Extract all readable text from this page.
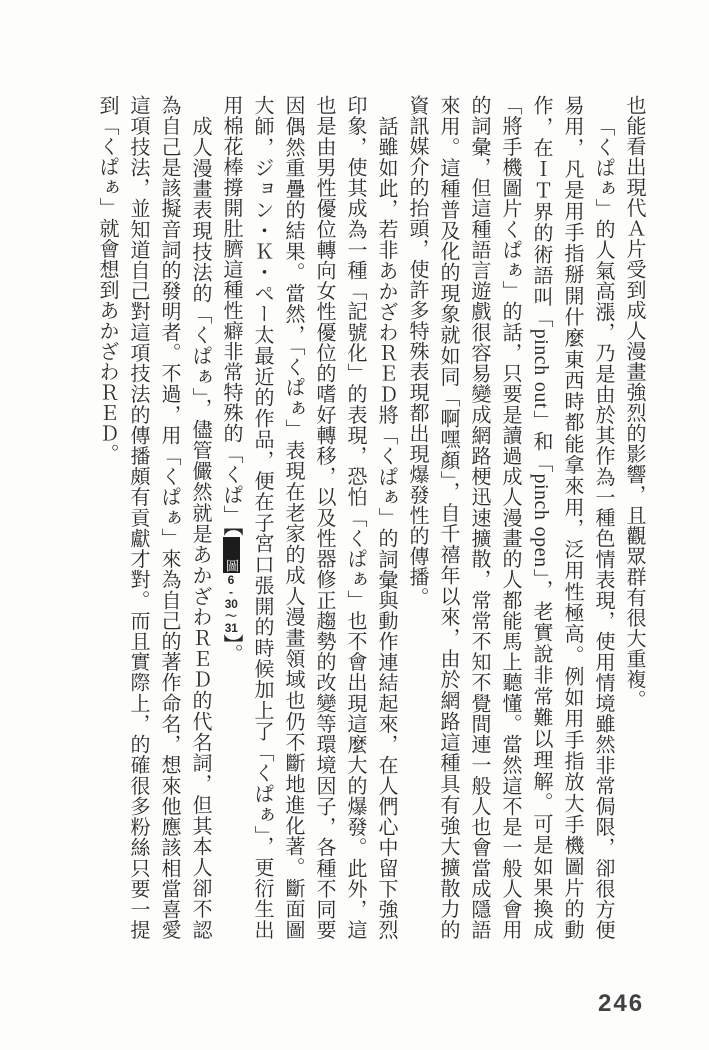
也能看出現代Ａ片受到成人漫畫強烈的影響，且觀眾群有很大重複。

「くぱぁ」的人氣高漲，乃是由於其作為一種色情表現，使用情境雖然非常侷限，卻很方便易用，凡是用手指掰開什麼東西時都能拿來用，泛用性極高。例如用手指放大手機圖片的動作，在ＩＴ界的術語叫「pinch out」和「pinch open」，老實說非常難以理解。可是如果換成「將手機圖片くぱぁ」的話，只要是讀過成人漫畫的人都能馬上聽懂。當然這不是一般人會用的詞彙，但這種語言遊戲很容易變成網路梗迅速擴散，常常不知不覺間連一般人也會當成隱語來用。這種普及化的現象就如同「啊嘿顏」，自千禧年以來，由於網路這種具有強大擴散力的資訊媒介的抬頭，使許多特殊表現都出現爆發性的傳播。

話雖如此，若非あかざわＲＥＤ將「くぱぁ」的詞彙與動作連結起來，在人們心中留下強烈印象，使其成為一種「記號化」的表現，恐怕「くぱぁ」也不會出現這麼大的爆發。此外，這也是由男性優位轉向女性優位的嗜好轉移，以及性器修正趨勢的改變等環境因子，各種不同要因偶然重疊的結果。當然，「くぱぁ」表現在老家的成人漫畫領域也仍不斷地進化著。斷面圖大師，ジョン・Ｋ・ぺー太最近的作品，便在子宮口張開的時候加上了「くぱぁ」，更衍生出用棉花棒撐開肚臍這種性癖非常特殊的「くぱ」【圖6-30～31】。

成人漫畫表現技法的「くぱぁ」，儘管儼然就是あかざわＲＥＤ的代名詞，但其本人卻不認為自己是該擬音詞的發明者。不過，用「くぱぁ」來為自己的著作命名，想來他應該相當喜愛這項技法，並知道自己對這項技法的傳播頗有貢獻才對。而且實際上，的確很多粉絲只要一提到「くぱぁ」就會想到あかざわＲＥＤ。

246
